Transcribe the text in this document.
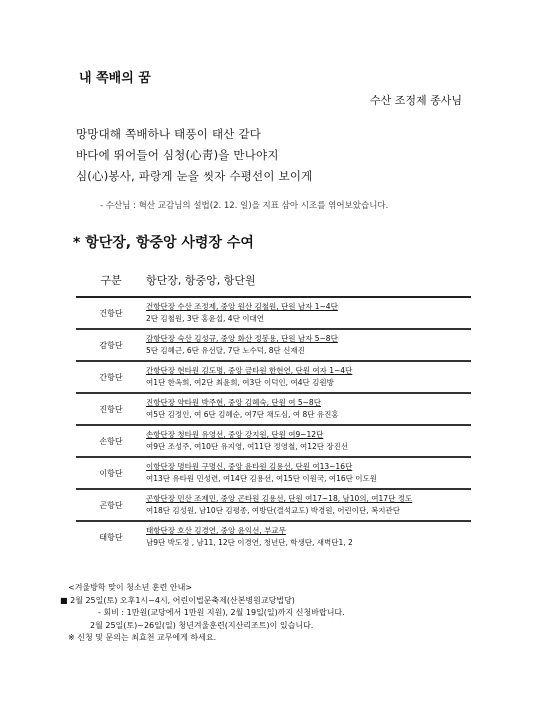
내 쪽배의 꿈
수산 조정제 종사님
망망대해 쪽배하나 태풍이 태산 같다
바다에 뛰어들어 심청(心靑)을 만나야지
심(心)봉사, 파랑게 눈을 씻자 수평선이 보이게
- 수산님 : 혁산 교감님의 설법(2. 12. 일)을 지표 삼아 시조를 엮어보았습니다.
* 항단장, 항중앙 사령장 수여
구분	항단장, 항중앙, 항단원
건항단	건항단장 수산 조정제, 중앙 원산 김철원, 단원 남자 1~4단
2단 김철원, 3단 홍윤섭, 4단 이대연

감항단	감항단장 숙산 김성규, 중앙 화산 정봉용, 단원 남자 5~8단
5단 김혜근, 6단 유선달, 7단 노수덕, 8단 신재진

간항단	간항단장 현타원 김도명, 중앙 금타원 한현연, 단원 여자 1~4단
여1단 한옥희, 여2단 최윤희, 여3단 이덕인, 여4단 김원방

진항단	진항단장 약타원 박주현, 중앙 김혜숙, 단원 여 5~8단
여5단 김정인, 여 6단 김혜순, 여7단 채도심, 여 8단 유진홍

손항단	손항단장 청타원 유영선, 중앙 강지원, 단원 여9~12단
여9단 조성주, 여10단 유지영, 여11단 정영철, 여12단 장진선

이항단	이항단장 명타원 구명신, 중앙 윤타원 김용선, 단원 여13~16단
여13단 유타원 민성련, 여14단 김용선, 여15단 이원국, 여16단 이도원

곤항단	곤항단장 민산 조제민, 중앙 곤타원 김용선, 단원 여17~18, 남10의, 여17단 정도
여18단 김성원, 남10단 김평종, 여방단(결석교도) 박경원, 어린이단, 복지관단

태항단	태항단장 호산 김경연, 중앙 윤익선, 부교무
남9단 박도정 , 남11, 12단 이경연, 청년단, 학생단, 새벽단1, 2
<겨울방학 맞이 청소년 훈련 안내>
■ 2월 25일(토) 오후1시~4시, 어린이법문축제(산본병원교당법당)
- 회비 : 1만원(교당에서 1만원 지원), 2월 19일(일)까지 신청바랍니다.
2월 25일(토)~26일(일) 청년겨울훈련(지산리조트)이 있습니다.
※ 신청 및 문의는 최효천 교무에게 하세요.
